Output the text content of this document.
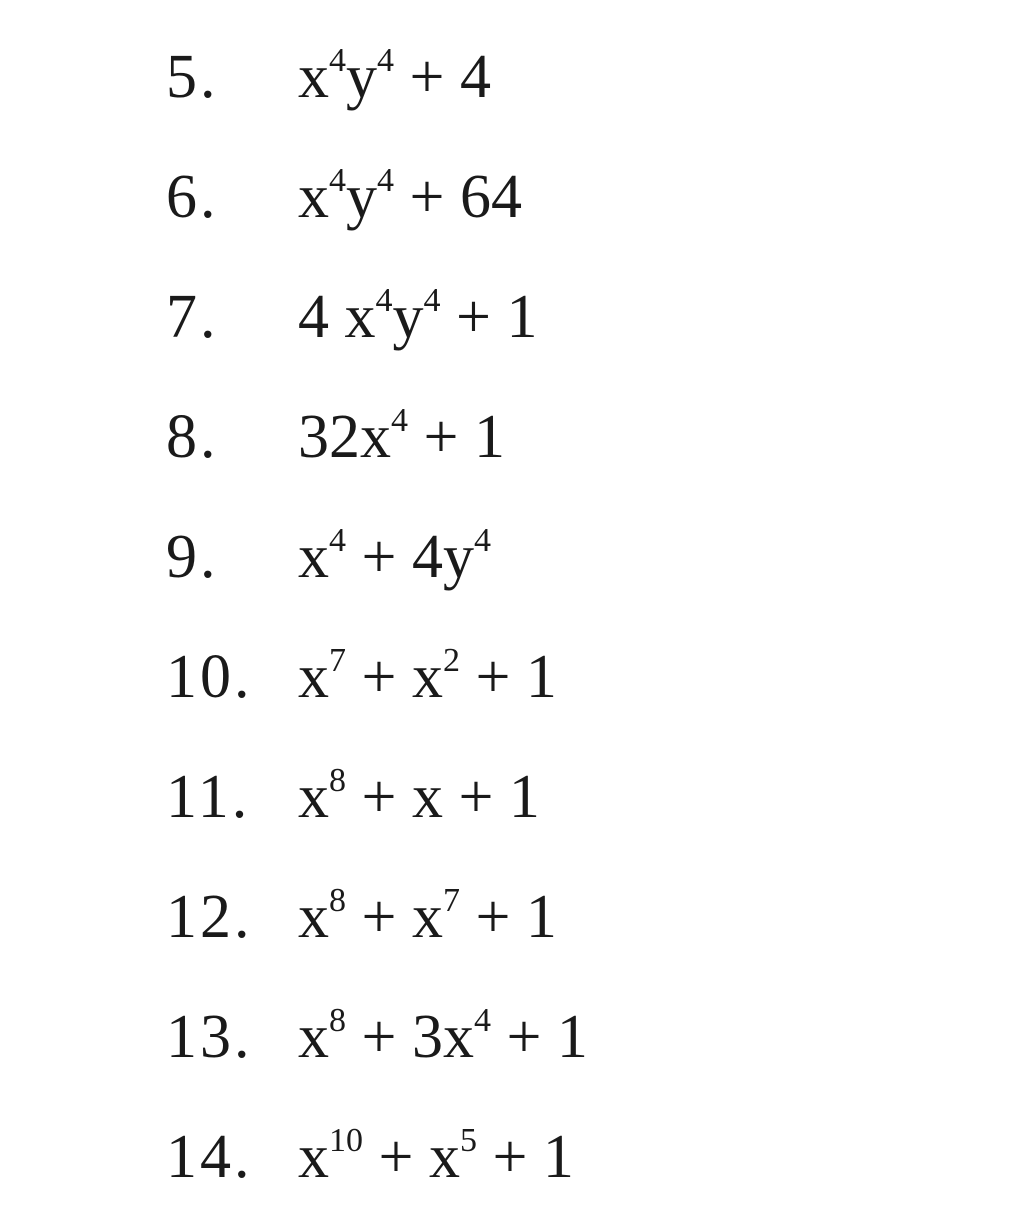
5. $x^4y^4 + 4$
6. $x^4y^4 + 64$
7. 4 $x^4y^4 + 1$
8. $32x^4 + 1$
9. $x^4 + 4y^4$
10. $x^7 + x^2 + 1$
11. $x^8 + x + 1$
12. $x^8 + x^7 + 1$
13. $x^8 + 3x^4 + 1$
14. $x^{10} + x^5 + 1$
